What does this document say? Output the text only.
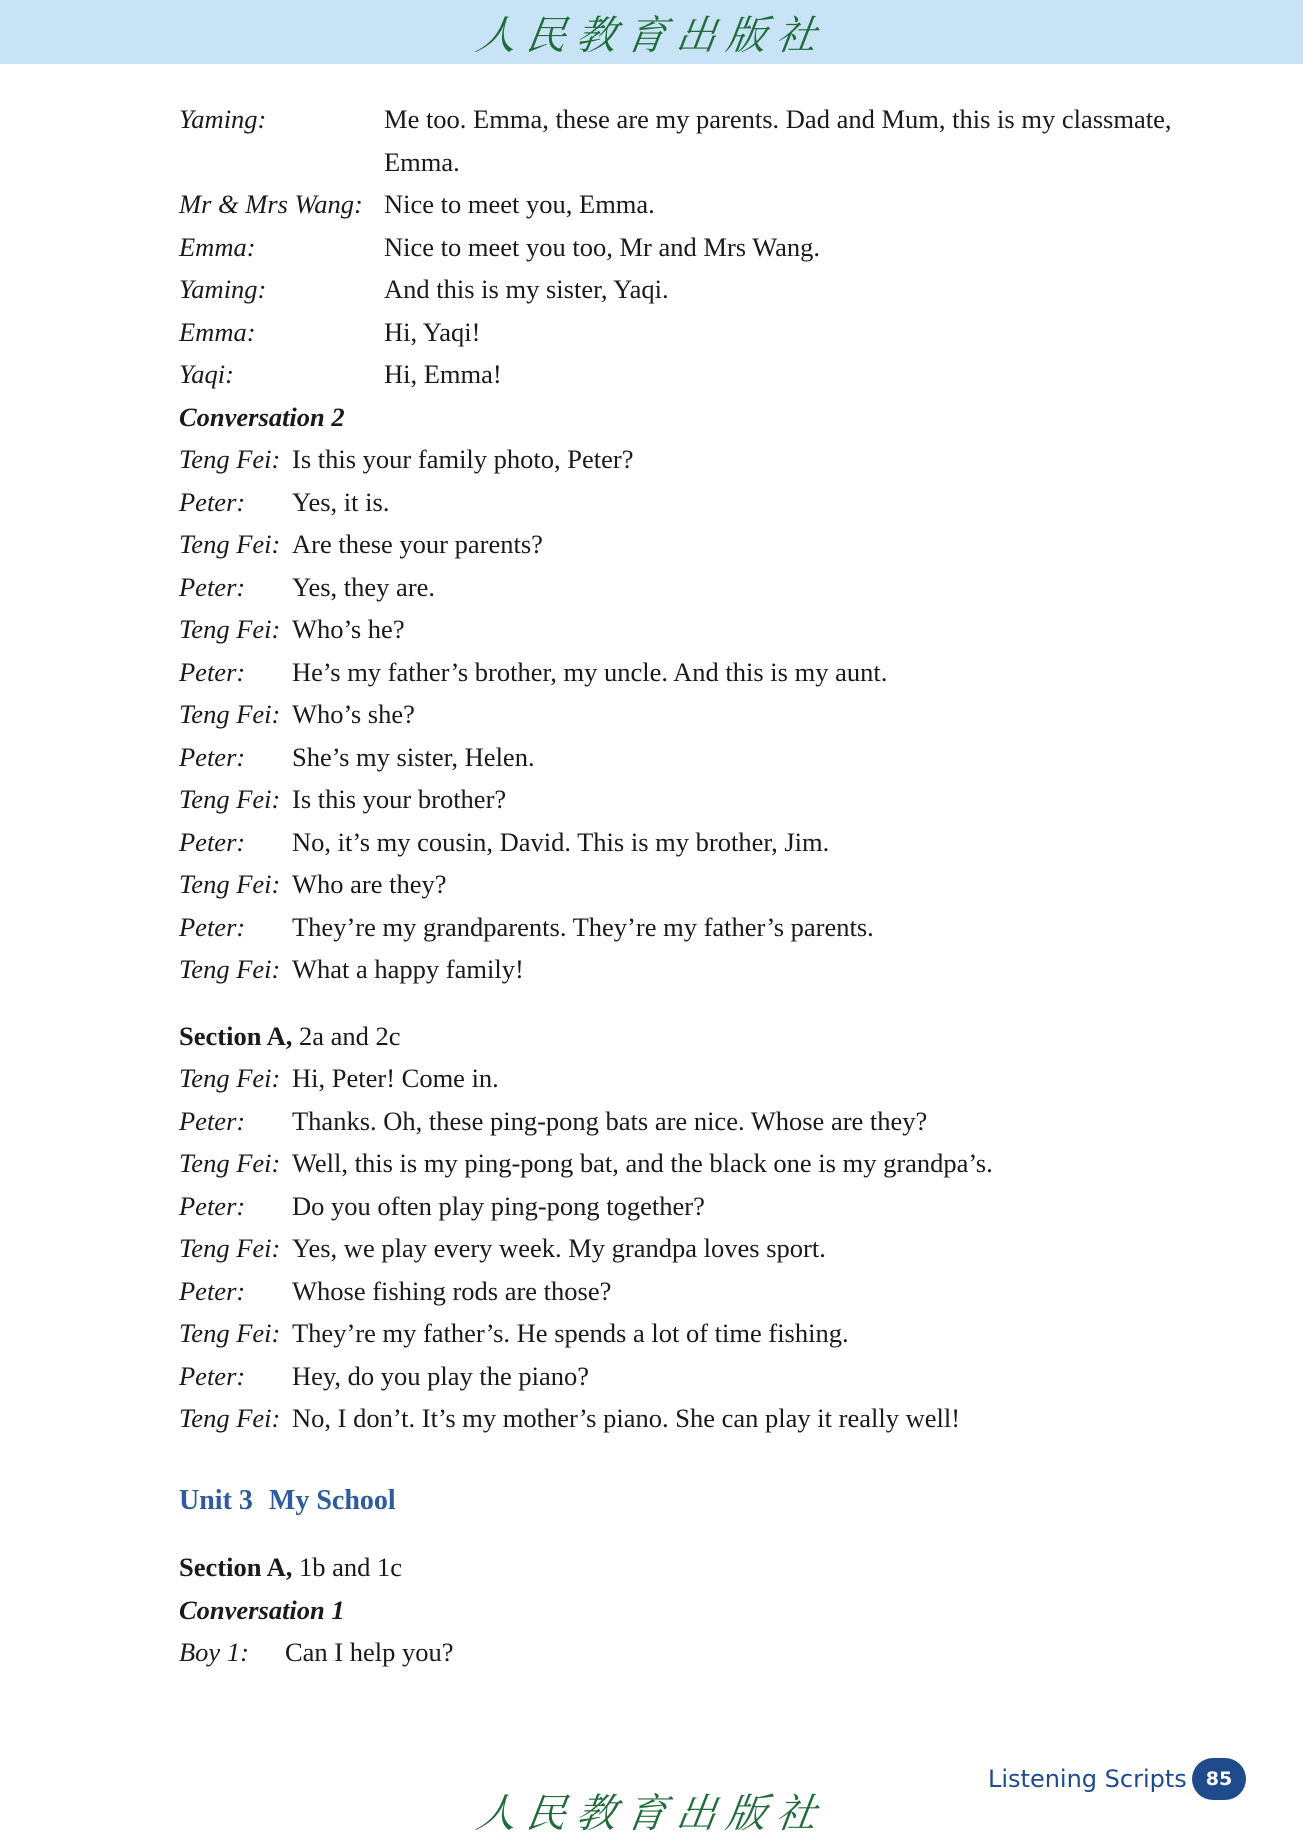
人民教育出版社
Yaming:	Me too. Emma, these are my parents. Dad and Mum, this is my classmate, Emma.
Mr & Mrs Wang: Nice to meet you, Emma.
Emma:	Nice to meet you too, Mr and Mrs Wang.
Yaming:	And this is my sister, Yaqi.
Emma:	Hi, Yaqi!
Yaqi:	Hi, Emma!
Conversation 2
Teng Fei: Is this your family photo, Peter?
Peter:	Yes, it is.
Teng Fei: Are these your parents?
Peter:	Yes, they are.
Teng Fei: Who’s he?
Peter:	He’s my father’s brother, my uncle. And this is my aunt.
Teng Fei: Who’s she?
Peter:	She’s my sister, Helen.
Teng Fei: Is this your brother?
Peter:	No, it’s my cousin, David. This is my brother, Jim.
Teng Fei: Who are they?
Peter:	They’re my grandparents. They’re my father’s parents.
Teng Fei: What a happy family!
Section A, 2a and 2c
Teng Fei: Hi, Peter! Come in.
Peter:	Thanks. Oh, these ping-pong bats are nice. Whose are they?
Teng Fei: Well, this is my ping-pong bat, and the black one is my grandpa’s.
Peter:	Do you often play ping-pong together?
Teng Fei: Yes, we play every week. My grandpa loves sport.
Peter:	Whose fishing rods are those?
Teng Fei: They’re my father’s. He spends a lot of time fishing.
Peter:	Hey, do you play the piano?
Teng Fei: No, I don’t. It’s my mother’s piano. She can play it really well!
Unit 3 My School
Section A, 1b and 1c
Conversation 1
Boy 1:	Can I help you?
Listening Scripts 85
人民教育出版社
